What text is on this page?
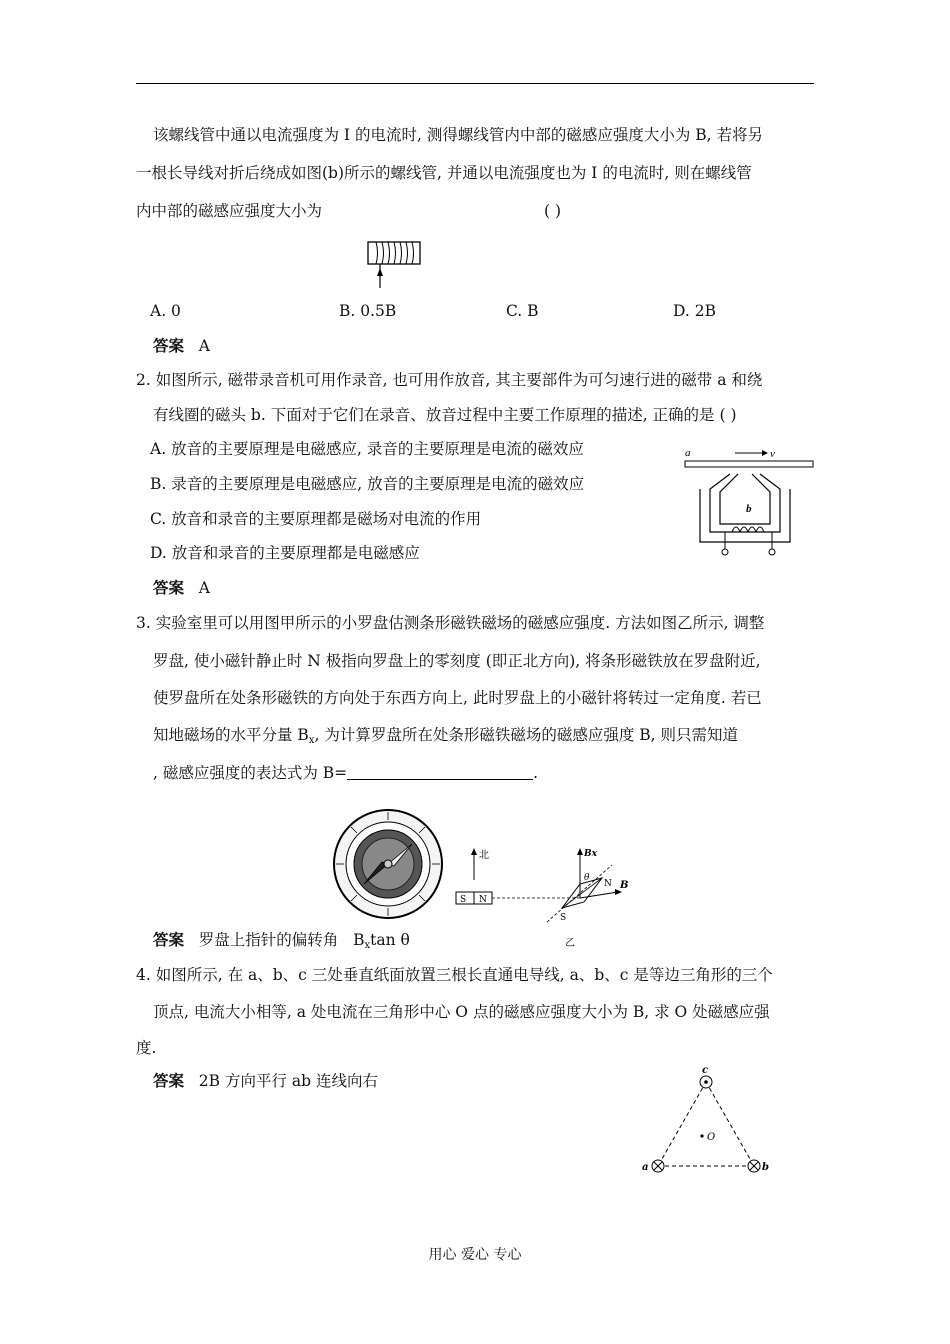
该螺线管中通以电流强度为 I 的电流时, 测得螺线管内中部的磁感应强度大小为 B, 若将另
一根长导线对折后绕成如图(b)所示的螺线管, 并通以电流强度也为 I 的电流时, 则在螺线管
内中部的磁感应强度大小为	( )
A. 0	B. 0.5B	C. B	D. 2B
答案 A
2. 如图所示, 磁带录音机可用作录音, 也可用作放音, 其主要部件为可匀速行进的磁带 a 和绕
有线圈的磁头 b. 下面对于它们在录音、放音过程中主要工作原理的描述, 正确的是 ( )
A. 放音的主要原理是电磁感应, 录音的主要原理是电流的磁效应
B. 录音的主要原理是电磁感应, 放音的主要原理是电流的磁效应
C. 放音和录音的主要原理都是磁场对电流的作用
D. 放音和录音的主要原理都是电磁感应
答案 A
a	v
b
3. 实验室里可以用图甲所示的小罗盘估测条形磁铁磁场的磁感应强度. 方法如图乙所示, 调整
罗盘, 使小磁针静止时 N 极指向罗盘上的零刻度 (即正北方向), 将条形磁铁放在罗盘附近,
使罗盘所在处条形磁铁的方向处于东西方向上, 此时罗盘上的小磁针将转过一定角度. 若已
知地磁场的水平分量 $B_x$, 为计算罗盘所在处条形磁铁磁场的磁感应强度 B, 则只需知道
, 磁感应强度的表达式为 B=	.
北
S N
Bx
B
θ
N
S
乙
答案 罗盘上指针的偏转角 $B_x\tan$ θ
4. 如图所示, 在 a、b、c 三处垂直纸面放置三根长直通电导线, a、b、c 是等边三角形的三个
顶点, 电流大小相等, a 处电流在三角形中心 O 点的磁感应强度大小为 B, 求 O 处磁感应强
度.
答案 2B 方向平行 ab 连线向右
c
O
a	b
用心 爱心 专心
